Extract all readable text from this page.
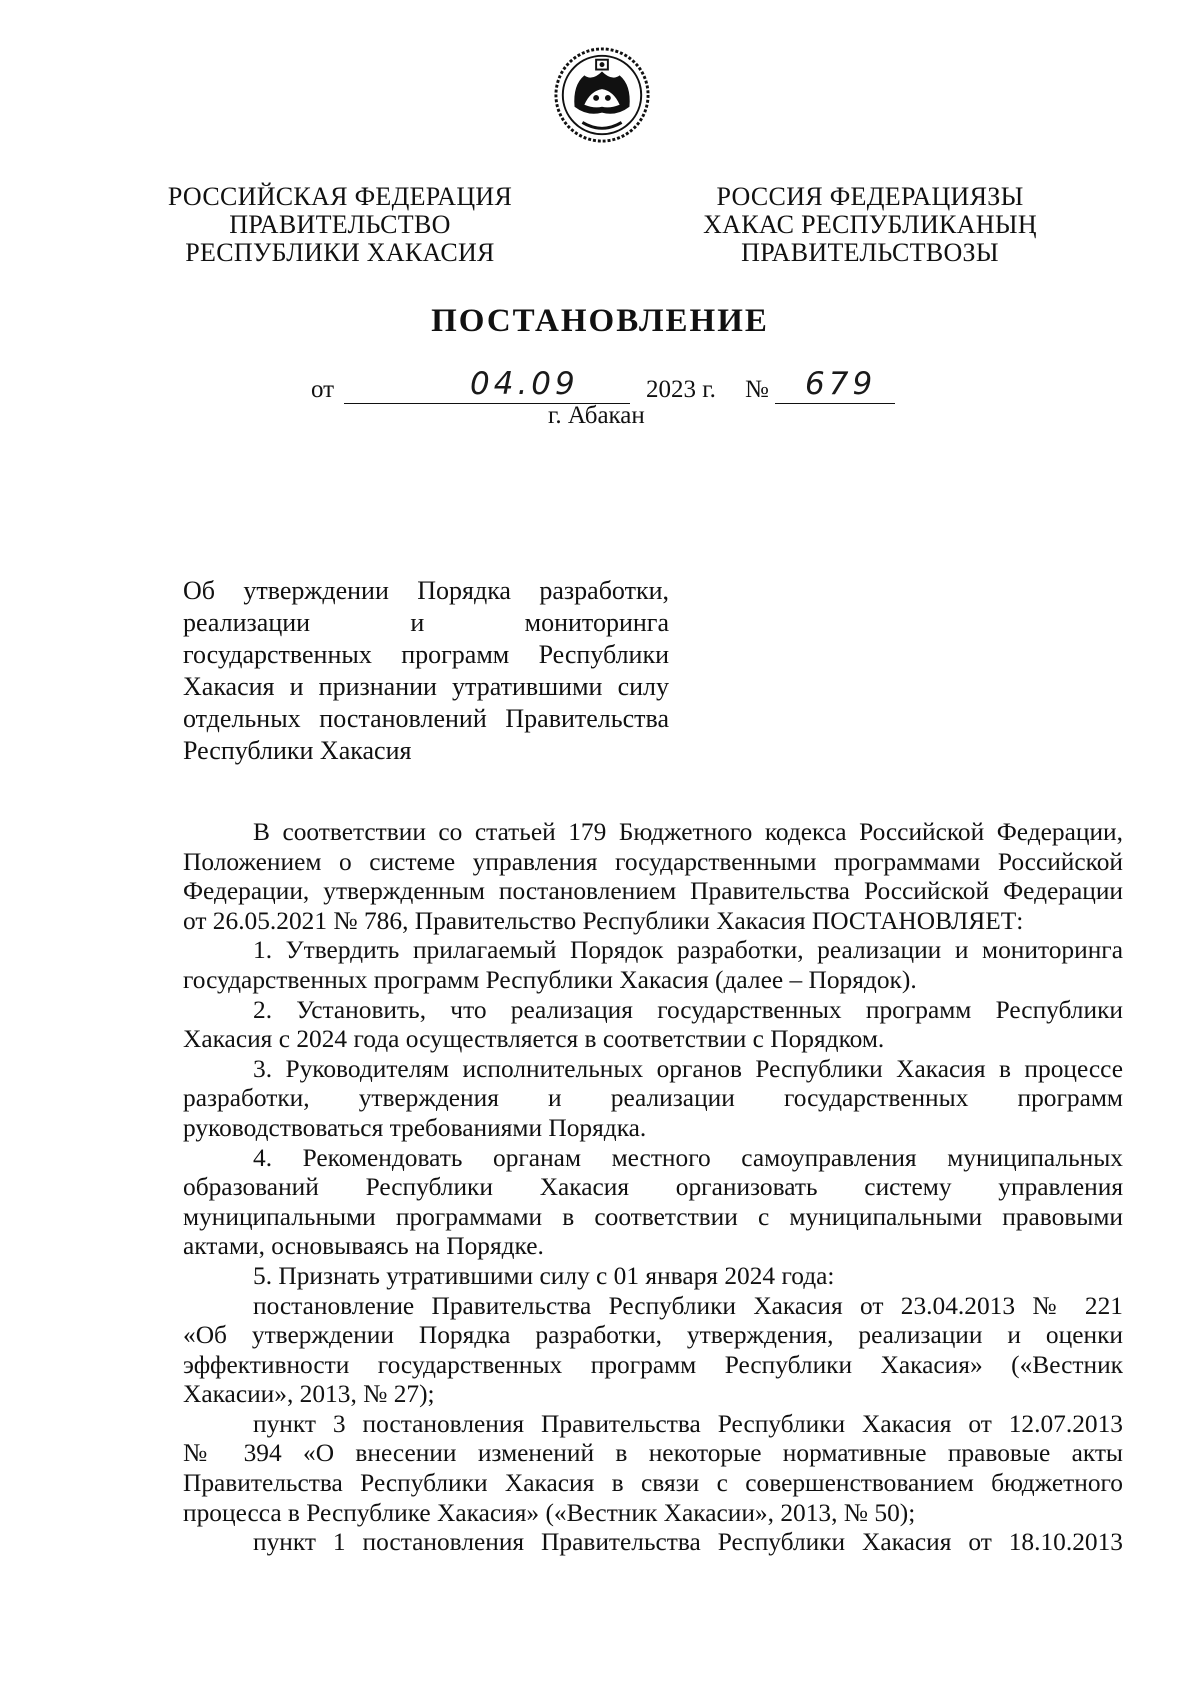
РОССИЙСКАЯ ФЕДЕРАЦИЯ
ПРАВИТЕЛЬСТВО
РЕСПУБЛИКИ ХАКАСИЯ
РОССИЯ ФЕДЕРАЦИЯЗЫ
ХАКАС РЕСПУБЛИКАНЫҢ
ПРАВИТЕЛЬСТВОЗЫ
ПОСТАНОВЛЕНИЕ
от	04.09	2023 г. № 679
г. Абакан
Об утверждении Порядка разработки,
реализации и мониторинга
государственных программ Республики
Хакасия и признании утратившими силу
отдельных постановлений Правительства
Республики Хакасия
В соответствии со статьей 179 Бюджетного кодекса Российской Федерации,
Положением о системе управления государственными программами Российской
Федерации, утвержденным постановлением Правительства Российской Федерации
от 26.05.2021 № 786, Правительство Республики Хакасия ПОСТАНОВЛЯЕТ:
1. Утвердить прилагаемый Порядок разработки, реализации и мониторинга
государственных программ Республики Хакасия (далее – Порядок).
2. Установить, что реализация государственных программ Республики
Хакасия с 2024 года осуществляется в соответствии с Порядком.
3. Руководителям исполнительных органов Республики Хакасия в процессе
разработки, утверждения и реализации государственных программ
руководствоваться требованиями Порядка.
4. Рекомендовать органам местного самоуправления муниципальных
образований Республики Хакасия организовать систему управления
муниципальными программами в соответствии с муниципальными правовыми
актами, основываясь на Порядке.
5. Признать утратившими силу с 01 января 2024 года:
постановление Правительства Республики Хакасия от 23.04.2013 № 221
«Об утверждении Порядка разработки, утверждения, реализации и оценки
эффективности государственных программ Республики Хакасия» («Вестник
Хакасии», 2013, № 27);
пункт 3 постановления Правительства Республики Хакасия от 12.07.2013
№ 394 «О внесении изменений в некоторые нормативные правовые акты
Правительства Республики Хакасия в связи с совершенствованием бюджетного
процесса в Республике Хакасия» («Вестник Хакасии», 2013, № 50);
пункт 1 постановления Правительства Республики Хакасия от 18.10.2013
